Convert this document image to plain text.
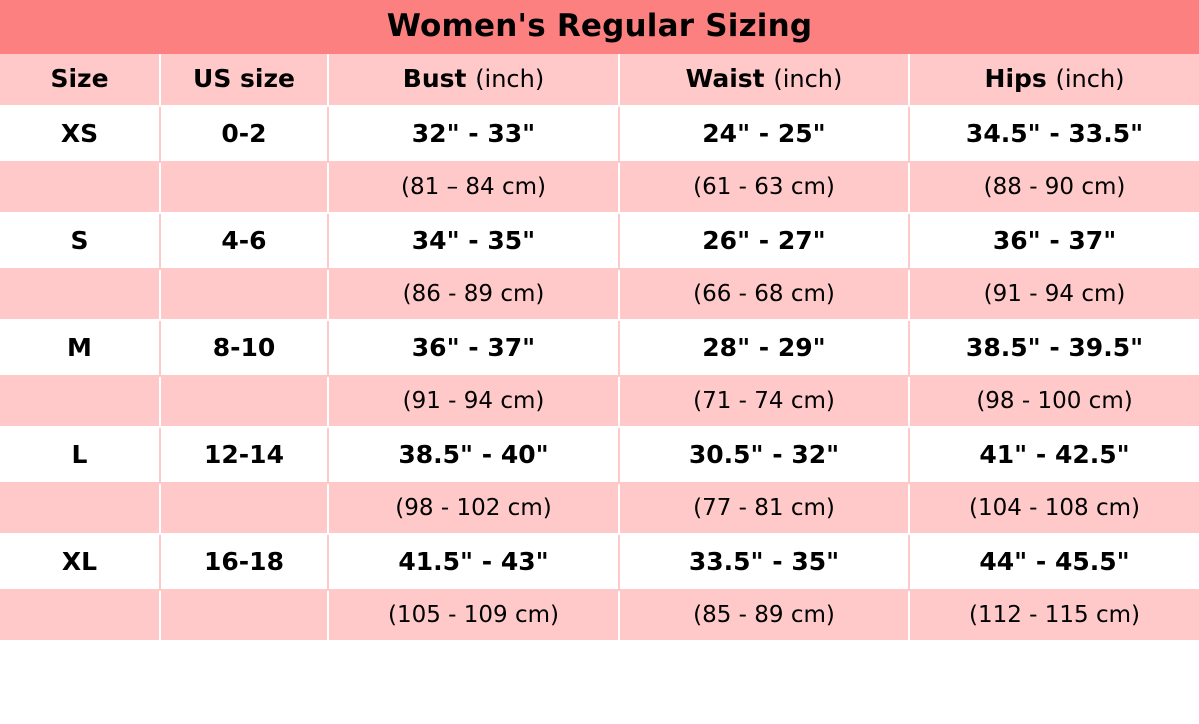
Women's Regular Sizing				
Size	US size	Bust (inch)	Waist (inch)	Hips (inch)
XS	0-2	32" - 33"	24" - 25"	34.5" - 33.5"
		(81 – 84 cm)	(61 - 63 cm)	(88 - 90 cm)
S	4-6	34" - 35"	26" - 27"	36" - 37"
		(86 - 89 cm)	(66 - 68 cm)	(91 - 94 cm)
M	8-10	36" - 37"	28" - 29"	38.5" - 39.5"
		(91 - 94 cm)	(71 - 74 cm)	(98 - 100 cm)
L	12-14	38.5" - 40"	30.5" - 32"	41" - 42.5"
		(98 - 102 cm)	(77 - 81 cm)	(104 - 108 cm)
XL	16-18	41.5" - 43"	33.5" - 35"	44" - 45.5"
		(105 - 109 cm)	(85 - 89 cm)	(112 - 115 cm)
